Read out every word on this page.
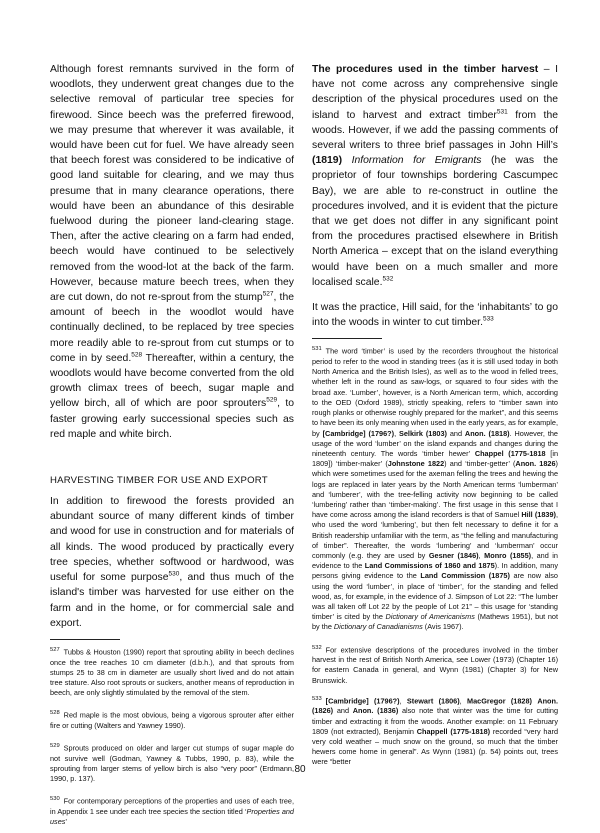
Although forest remnants survived in the form of woodlots, they underwent great changes due to the selective removal of particular tree species for firewood. Since beech was the preferred firewood, we may presume that wherever it was available, it would have been cut for fuel. We have already seen that beech forest was considered to be indicative of good land suitable for clearing, and we may thus presume that in many clearance operations, there would have been an abundance of this desirable fuelwood during the pioneer land-clearing stage. Then, after the active clearing on a farm had ended, beech would have continued to be selectively removed from the wood-lot at the back of the farm. However, because mature beech trees, when they are cut down, do not re-sprout from the stump$^{527}$, the amount of beech in the woodlot would have continually declined, to be replaced by tree species more readily able to re-sprout from cut stumps or to come in by seed.$^{528}$ Thereafter, within a century, the woodlots would have become converted from the old growth climax trees of beech, sugar maple and yellow birch, all of which are poor sprouters$^{529}$, to faster growing early successional species such as red maple and white birch.

HARVESTING TIMBER FOR USE AND EXPORT

In addition to firewood the forests provided an abundant source of many different kinds of timber and wood for use in construction and for materials of all kinds. The wood produced by practically every tree species, whether softwood or hardwood, was useful for some purpose$^{530}$, and thus much of the island's timber was harvested for use either on the farm and in the home, or for commercial sale and export.

$^{527}$ Tubbs & Houston (1990) report that sprouting ability in beech declines once the tree reaches 10 cm diameter (d.b.h.), and that sprouts from stumps 25 to 38 cm in diameter are usually short lived and do not attain tree stature. Also root sprouts or suckers, another means of reproduction in beech, are only slightly stimulated by the removal of the stem.

$^{528}$ Red maple is the most obvious, being a vigorous sprouter after either fire or cutting (Walters and Yawney 1990).

$^{529}$ Sprouts produced on older and larger cut stumps of sugar maple do not survive well (Godman, Yawney & Tubbs, 1990, p. 83), while the sprouting from larger stems of yellow birch is also “very poor” (Erdmann, 1990, p. 137).

$^{530}$ For contemporary perceptions of the properties and uses of each tree, in Appendix 1 see under each tree species the section titled ‘Properties and uses’

The procedures used in the timber harvest – I have not come across any comprehensive single description of the physical procedures used on the island to harvest and extract timber$^{531}$ from the woods. However, if we add the passing comments of several writers to three brief passages in John Hill’s (1819) Information for Emigrants (he was the proprietor of four townships bordering Cascumpec Bay), we are able to re-construct in outline the procedures involved, and it is evident that the picture that we get does not differ in any significant point from the procedures practised elsewhere in British North America – except that on the island everything would have been on a much smaller and more localised scale.$^{532}$

It was the practice, Hill said, for the ‘inhabitants’ to go into the woods in winter to cut timber.$^{533}$

$^{531}$ The word ‘timber’ is used by the recorders throughout the historical period to refer to the wood in standing trees (as it is still used today in both North America and the British Isles), as well as to the wood in felled trees, whether left in the round as saw-logs, or squared to four sides with the broad axe. ‘Lumber’, however, is a North American term, which, according to the OED (Oxford 1989), strictly speaking, refers to “timber sawn into rough planks or otherwise roughly prepared for the market”, and this seems to have been its only meaning when used in the early years, as for example, by [Cambridge] (1796?), Selkirk (1803) and Anon. (1818). However, the usage of the word ‘lumber’ on the island expands and changes during the nineteenth century. The words ‘timber hewer’ Chappel (1775-1818 [in 1809]) ‘timber-maker’ (Johnstone 1822) and ‘timber-getter’ (Anon. 1826) which were sometimes used for the axeman felling the trees and hewing the logs are replaced in later years by the North American terms ‘lumberman’ and ‘lumberer’, with the tree-felling activity now beginning to be called ‘lumbering’ rather than ‘timber-making’. The first usage in this sense that I have come across among the island recorders is that of Samuel Hill (1839), who used the word ‘lumbering’, but then felt necessary to define it for a British readership unfamiliar with the term, as “the felling and manufacturing of timber”. Thereafter, the words ‘lumbering’ and ‘lumberman’ occur commonly (e.g. they are used by Gesner (1846), Monro (1855), and in evidence to the Land Commissions of 1860 and 1875). In addition, many persons giving evidence to the Land Commission (1875) are now also using the word ‘lumber’, in place of ‘timber’, for the standing and felled wood, as, for example, in the evidence of J. Simpson of Lot 22: “The lumber was all taken off Lot 22 by the people of Lot 21” – this usage for ‘standing timber’ is cited by the Dictionary of Americanisms (Mathews 1951), but not by the Dictionary of Canadianisms (Avis 1967).

$^{532}$ For extensive descriptions of the procedures involved in the timber harvest in the rest of British North America, see Lower (1973) (Chapter 16) for eastern Canada in general, and Wynn (1981) (Chapter 3) for New Brunswick.

$^{533}$ [Cambridge] (1796?), Stewart (1806), MacGregor (1828) Anon. (1826) and Anon. (1836) also note that winter was the time for cutting timber and extracting it from the woods. Another example: on 11 February 1809 (not extracted), Benjamin Chappell (1775-1818) recorded “very hard very cold weather – much snow on the ground, so much that the timber hewers come home in general”. As Wynn (1981) (p. 54) points out, trees were “better

80
